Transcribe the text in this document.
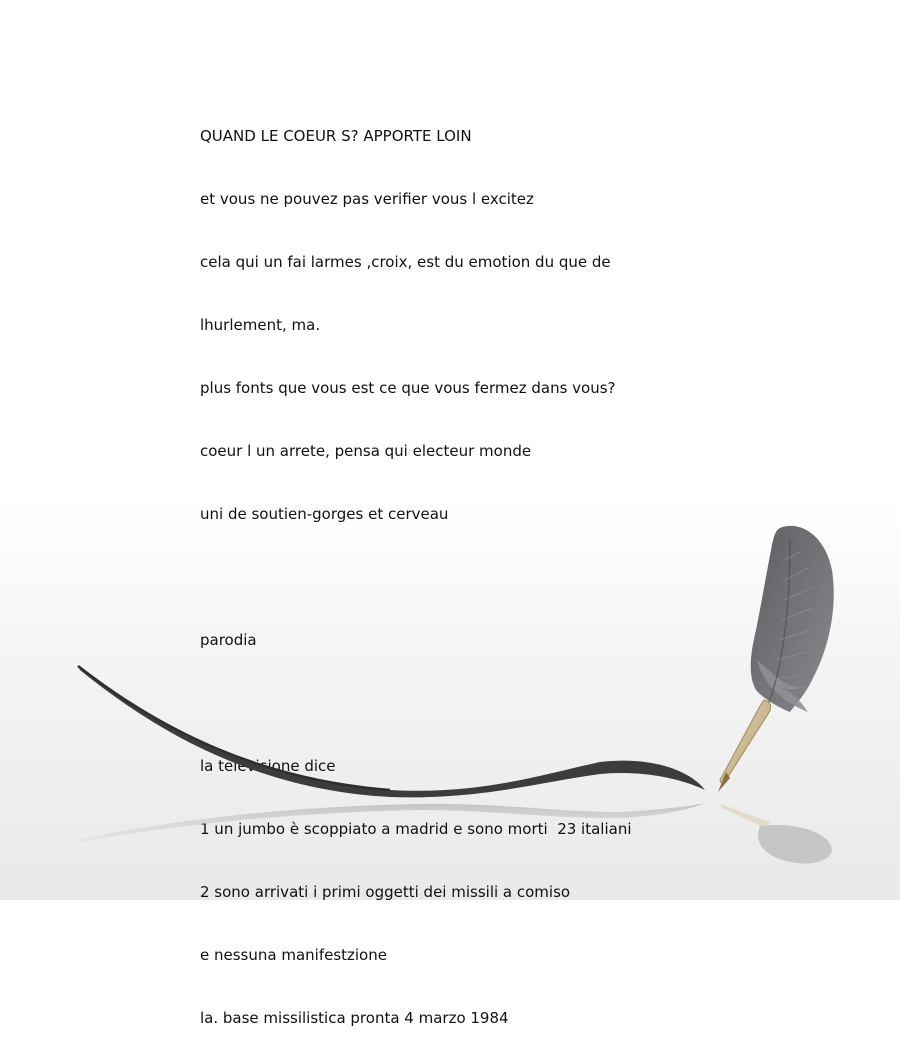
QUAND LE COEUR S? APPORTE LOIN

et vous ne pouvez pas verifier vous l excitez

cela qui un fai larmes ,croix, est du emotion du que de

lhurlement, ma.

plus fonts que vous est ce que vous fermez dans vous?

coeur l un arrete, pensa qui electeur monde

uni de soutien-gorges et cerveau

parodia

la televisione dice

1 un jumbo è scoppiato a madrid e sono morti  23 italiani

2 sono arrivati i primi oggetti dei missili a comiso

e nessuna manifestzione

la. base missilistica pronta 4 marzo 1984
